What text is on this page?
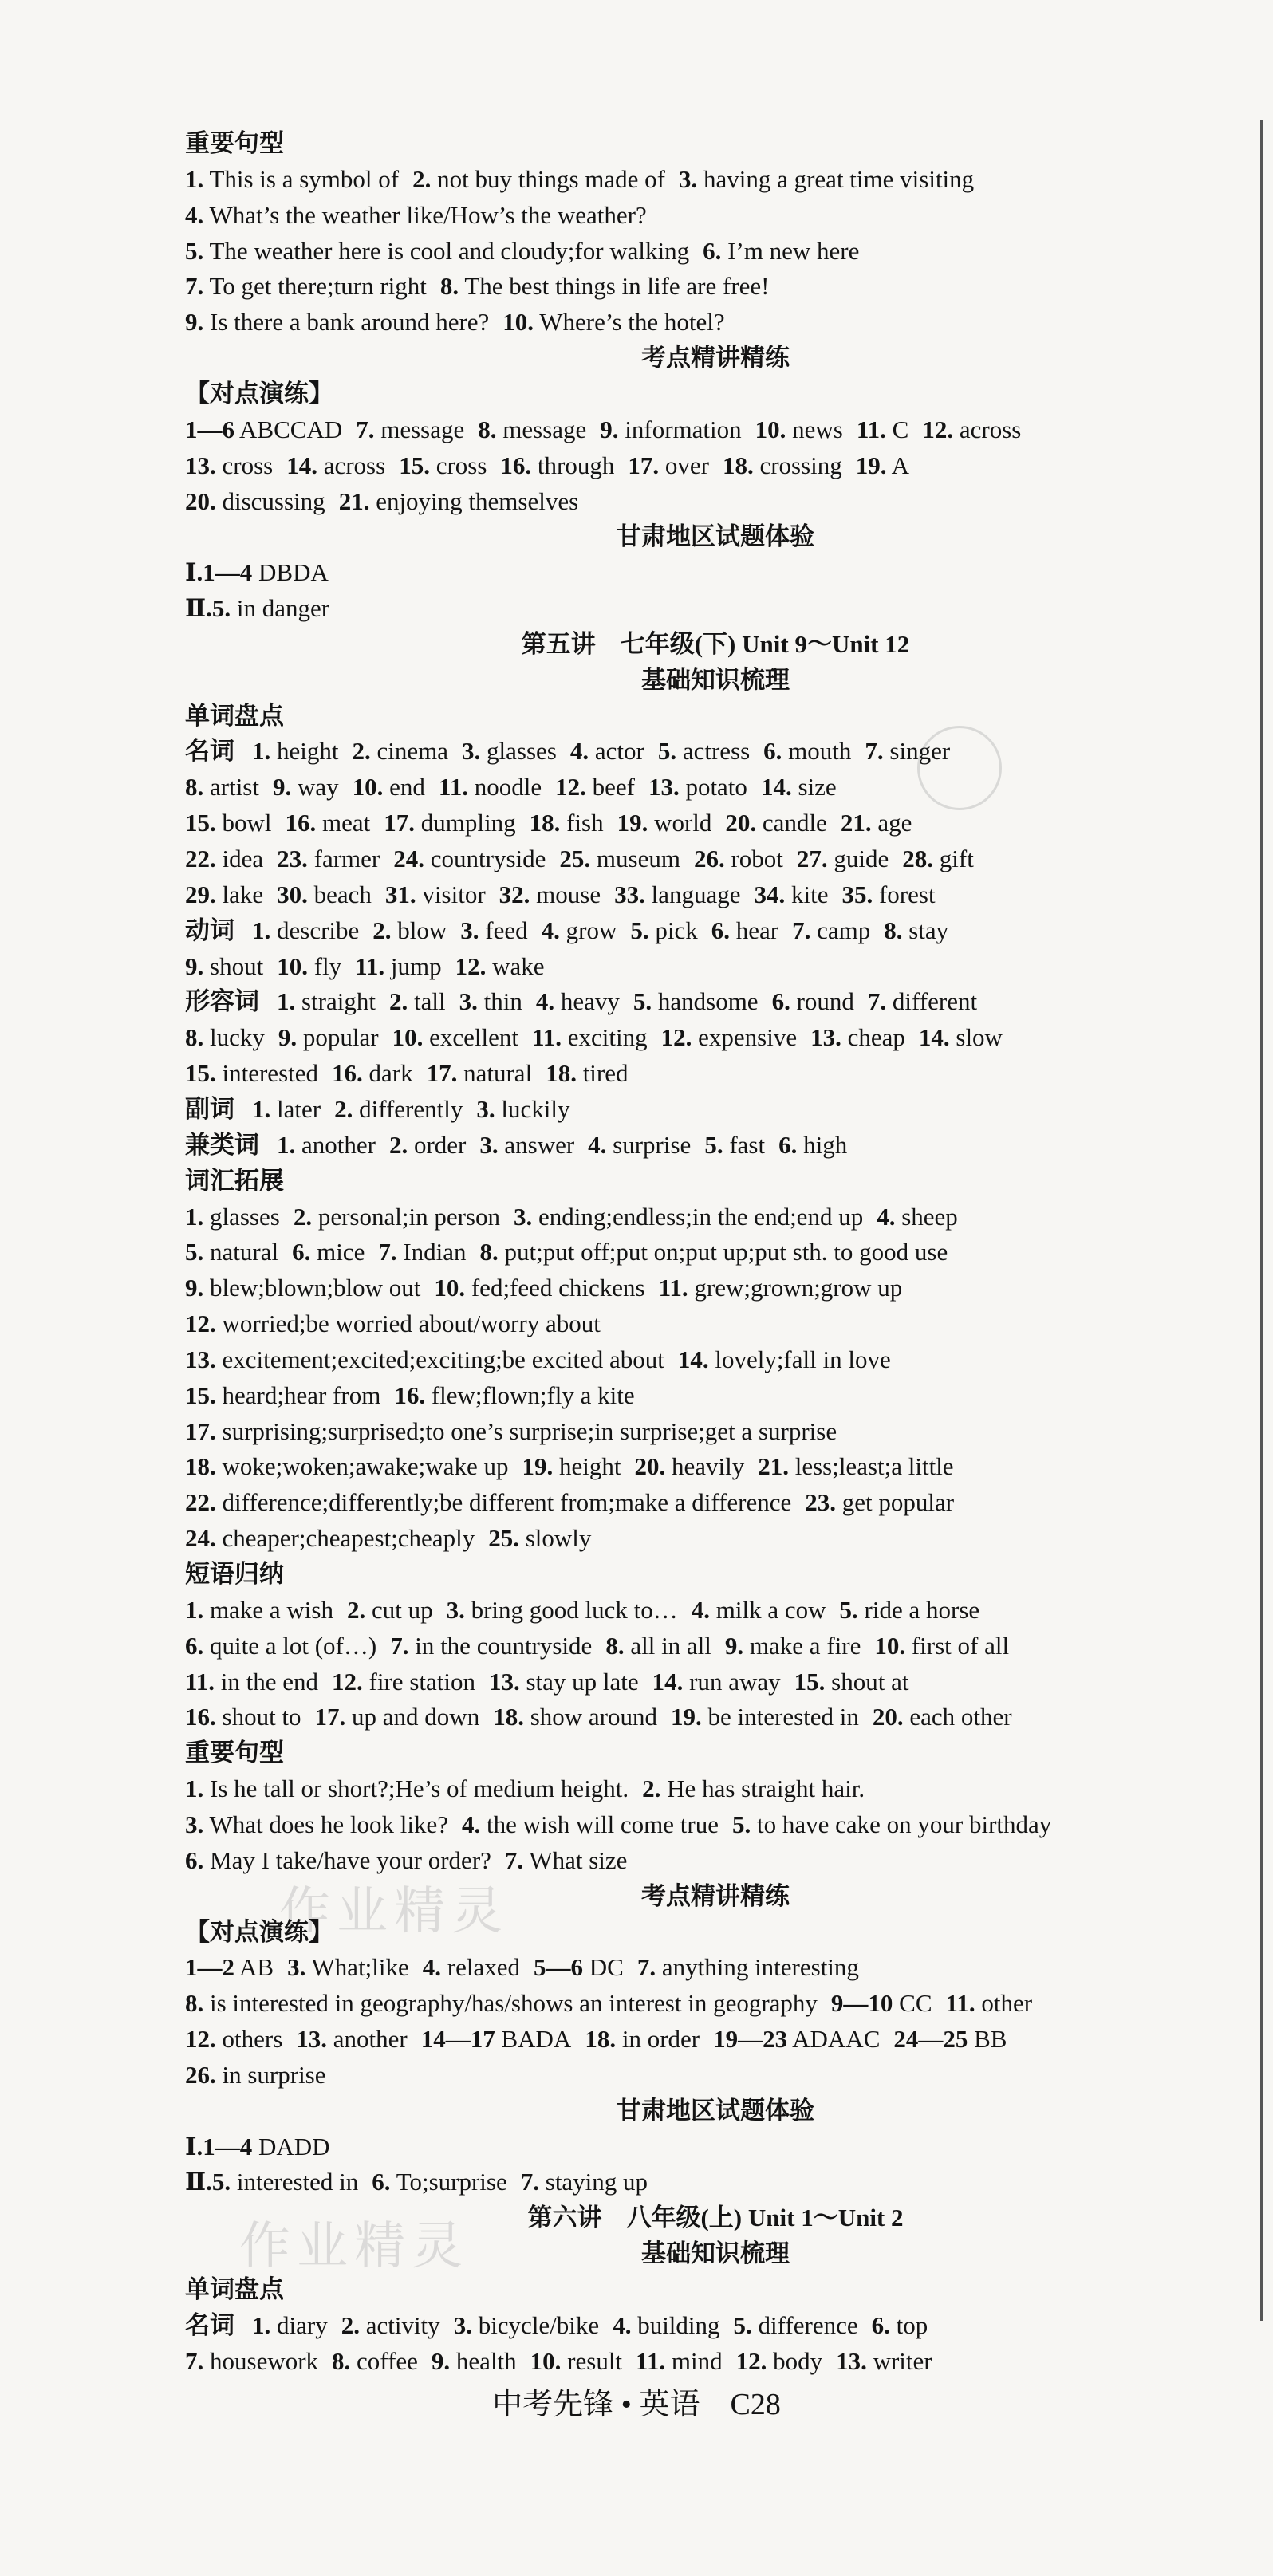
作业精灵
作业精灵
重要句型
1. This is a symbol of 2. not buy things made of 3. having a great time visiting
4. What’s the weather like/How’s the weather?
5. The weather here is cool and cloudy;for walking 6. I’m new here
7. To get there;turn right 8. The best things in life are free!
9. Is there a bank around here? 10. Where’s the hotel?
考点精讲精练
【对点演练】
1—6 ABCCAD 7. message 8. message 9. information 10. news 11. C 12. across
13. cross 14. across 15. cross 16. through 17. over 18. crossing 19. A
20. discussing 21. enjoying themselves
甘肃地区试题体验
Ⅰ.1—4 DBDA
Ⅱ.5. in danger
第五讲　七年级(下) Unit 9～Unit 12
基础知识梳理
单词盘点
名词 1. height 2. cinema 3. glasses 4. actor 5. actress 6. mouth 7. singer
8. artist 9. way 10. end 11. noodle 12. beef 13. potato 14. size
15. bowl 16. meat 17. dumpling 18. fish 19. world 20. candle 21. age
22. idea 23. farmer 24. countryside 25. museum 26. robot 27. guide 28. gift
29. lake 30. beach 31. visitor 32. mouse 33. language 34. kite 35. forest
动词 1. describe 2. blow 3. feed 4. grow 5. pick 6. hear 7. camp 8. stay
9. shout 10. fly 11. jump 12. wake
形容词 1. straight 2. tall 3. thin 4. heavy 5. handsome 6. round 7. different
8. lucky 9. popular 10. excellent 11. exciting 12. expensive 13. cheap 14. slow
15. interested 16. dark 17. natural 18. tired
副词 1. later 2. differently 3. luckily
兼类词 1. another 2. order 3. answer 4. surprise 5. fast 6. high
词汇拓展
1. glasses 2. personal;in person 3. ending;endless;in the end;end up 4. sheep
5. natural 6. mice 7. Indian 8. put;put off;put on;put up;put sth. to good use
9. blew;blown;blow out 10. fed;feed chickens 11. grew;grown;grow up
12. worried;be worried about/worry about
13. excitement;excited;exciting;be excited about 14. lovely;fall in love
15. heard;hear from 16. flew;flown;fly a kite
17. surprising;surprised;to one’s surprise;in surprise;get a surprise
18. woke;woken;awake;wake up 19. height 20. heavily 21. less;least;a little
22. difference;differently;be different from;make a difference 23. get popular
24. cheaper;cheapest;cheaply 25. slowly
短语归纳
1. make a wish 2. cut up 3. bring good luck to… 4. milk a cow 5. ride a horse
6. quite a lot (of…) 7. in the countryside 8. all in all 9. make a fire 10. first of all
11. in the end 12. fire station 13. stay up late 14. run away 15. shout at
16. shout to 17. up and down 18. show around 19. be interested in 20. each other
重要句型
1. Is he tall or short?;He’s of medium height. 2. He has straight hair.
3. What does he look like? 4. the wish will come true 5. to have cake on your birthday
6. May I take/have your order? 7. What size
考点精讲精练
【对点演练】
1—2 AB 3. What;like 4. relaxed 5—6 DC 7. anything interesting
8. is interested in geography/has/shows an interest in geography 9—10 CC 11. other
12. others 13. another 14—17 BADA 18. in order 19—23 ADAAC 24—25 BB
26. in surprise
甘肃地区试题体验
Ⅰ.1—4 DADD
Ⅱ.5. interested in 6. To;surprise 7. staying up
第六讲　八年级(上) Unit 1～Unit 2
基础知识梳理
单词盘点
名词 1. diary 2. activity 3. bicycle/bike 4. building 5. difference 6. top
7. housework 8. coffee 9. health 10. result 11. mind 12. body 13. writer
中考先锋 • 英语　C28
